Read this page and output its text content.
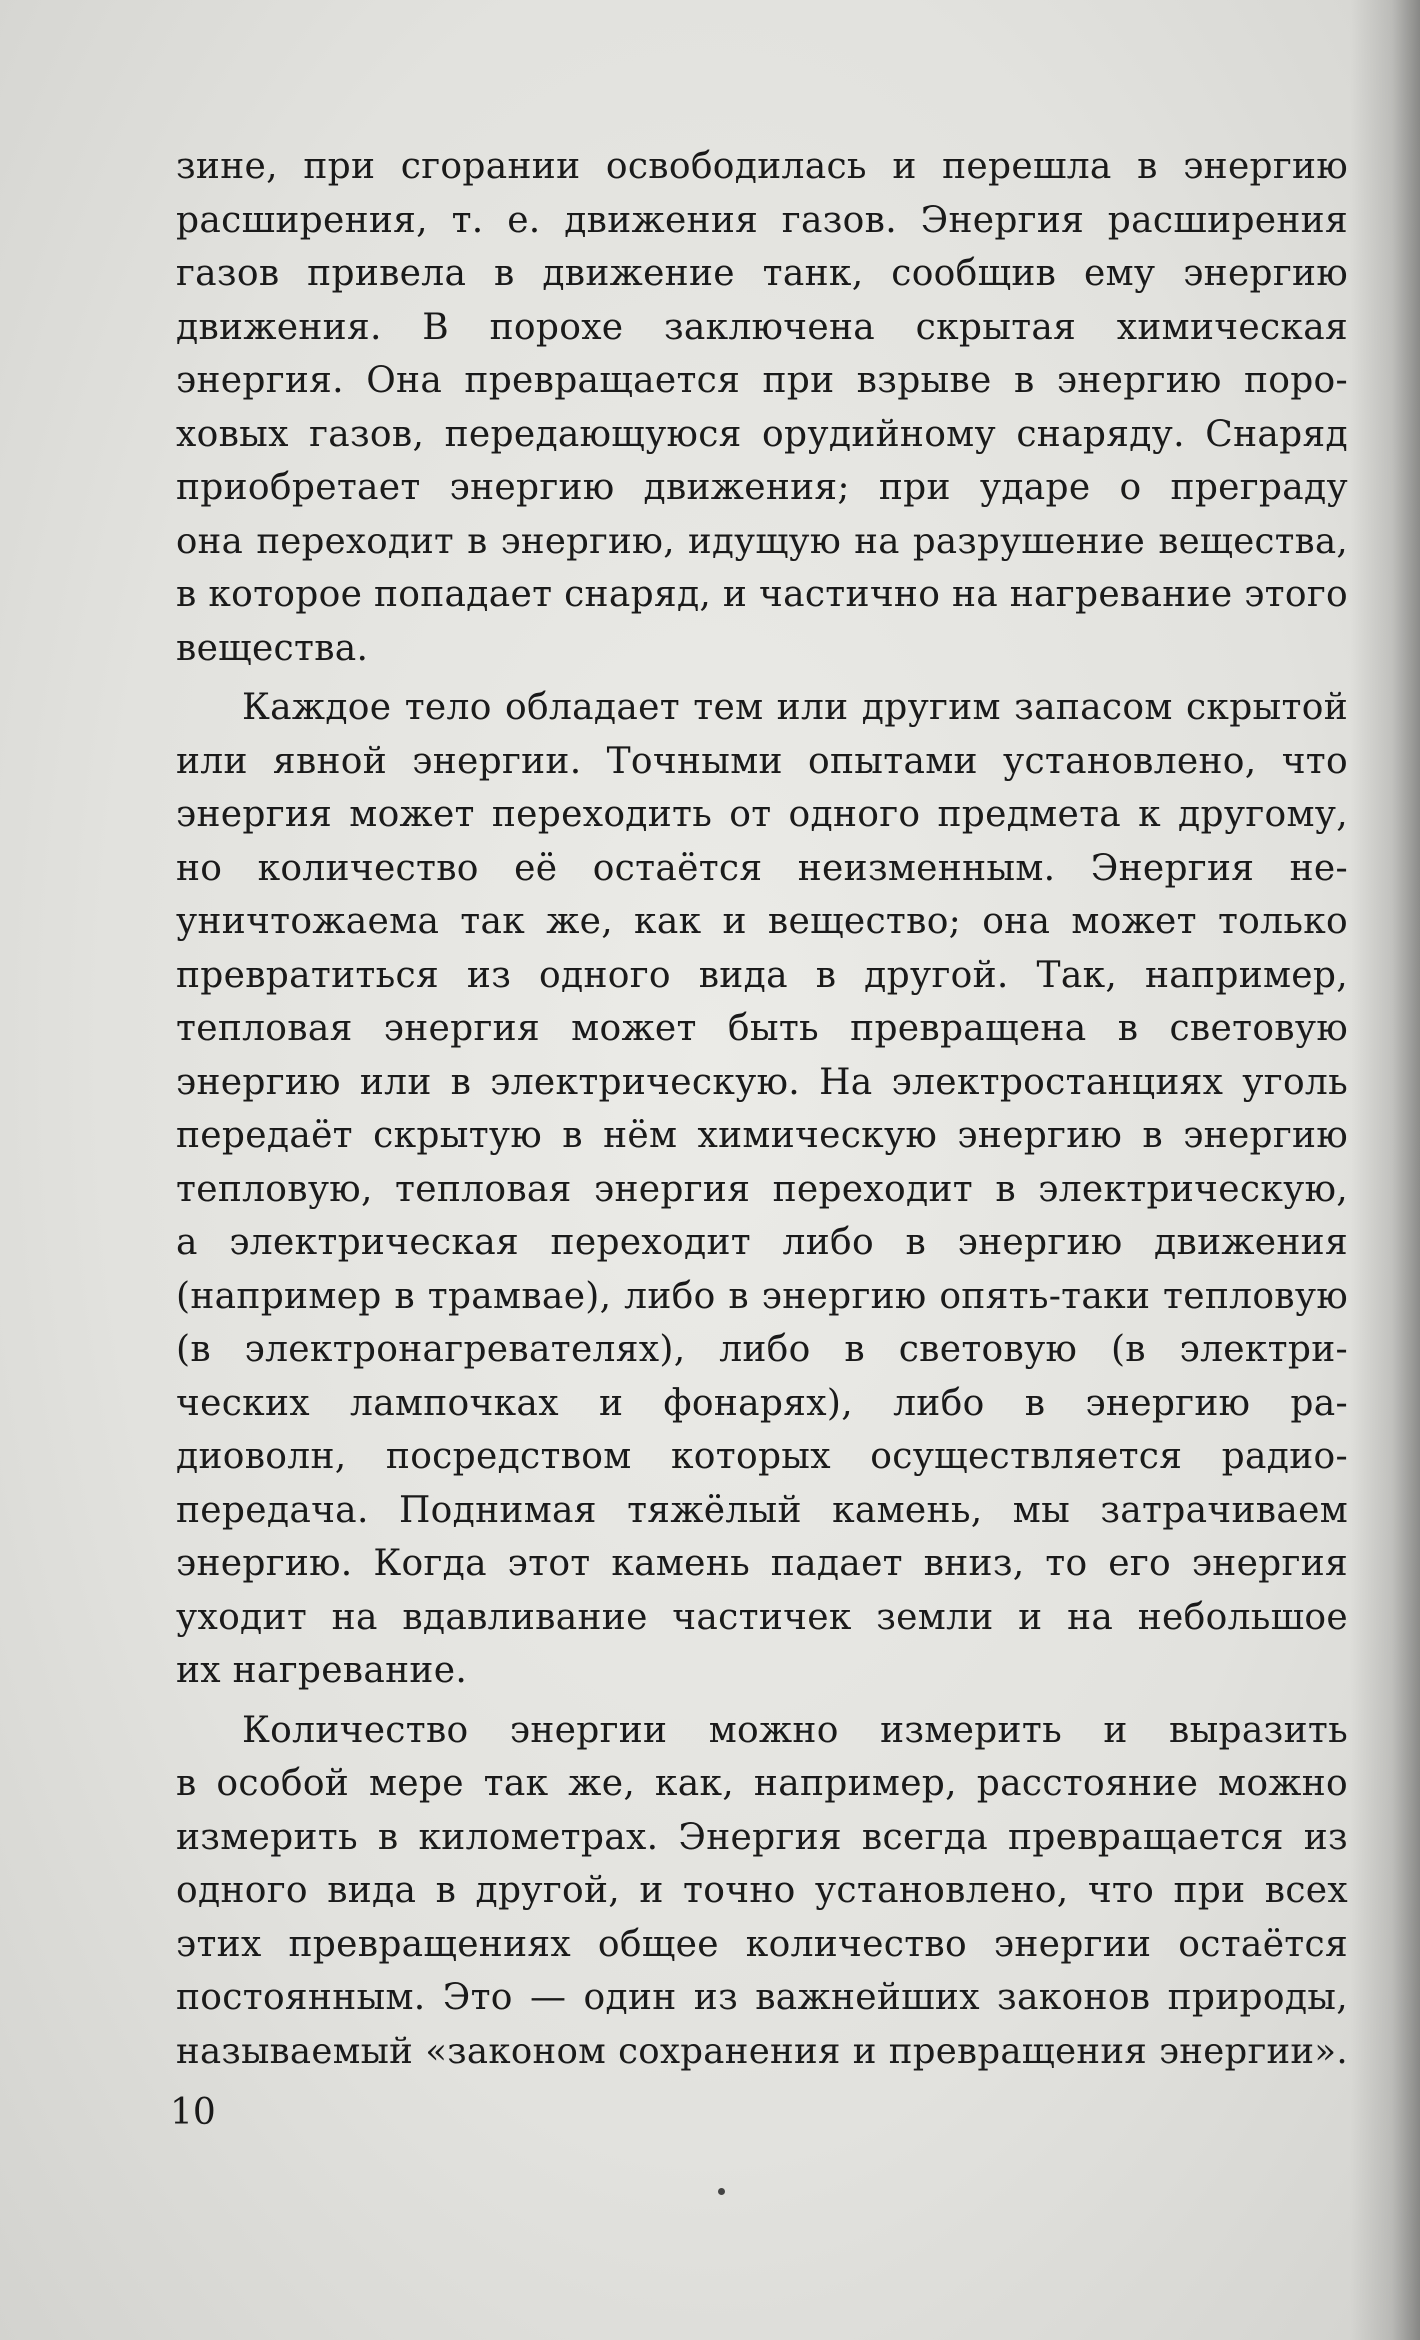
зине, при сгорании освободилась и перешла в энергию
расширения, т. е. движения газов. Энергия расширения
газов привела в движение танк, сообщив ему энергию
движения. В порохе заключена скрытая химическая
энергия. Она превращается при взрыве в энергию поро-
ховых газов, передающуюся орудийному снаряду. Снаряд
приобретает энергию движения; при ударе о преграду
она переходит в энергию, идущую на разрушение вещества,
в которое попадает снаряд, и частично на нагревание этого
вещества.
Каждое тело обладает тем или другим запасом скрытой
или явной энергии. Точными опытами установлено, что
энергия может переходить от одного предмета к другому,
но количество её остаётся неизменным. Энергия не-
уничтожаема так же, как и вещество; она может только
превратиться из одного вида в другой. Так, например,
тепловая энергия может быть превращена в световую
энергию или в электрическую. На электростанциях уголь
передаёт скрытую в нём химическую энергию в энергию
тепловую, тепловая энергия переходит в электрическую,
а электрическая переходит либо в энергию движения
(например в трамвае), либо в энергию опять-таки тепловую
(в электронагревателях), либо в световую (в электри-
ческих лампочках и фонарях), либо в энергию ра-
диоволн, посредством которых осуществляется радио-
передача. Поднимая тяжёлый камень, мы затрачиваем
энергию. Когда этот камень падает вниз, то его энергия
уходит на вдавливание частичек земли и на небольшое
их нагревание.
Количество энергии можно измерить и выразить
в особой мере так же, как, например, расстояние можно
измерить в километрах. Энергия всегда превращается из
одного вида в другой, и точно установлено, что при всех
этих превращениях общее количество энергии остаётся
постоянным. Это — один из важнейших законов природы,
называемый «законом сохранения и превращения энергии».
10
